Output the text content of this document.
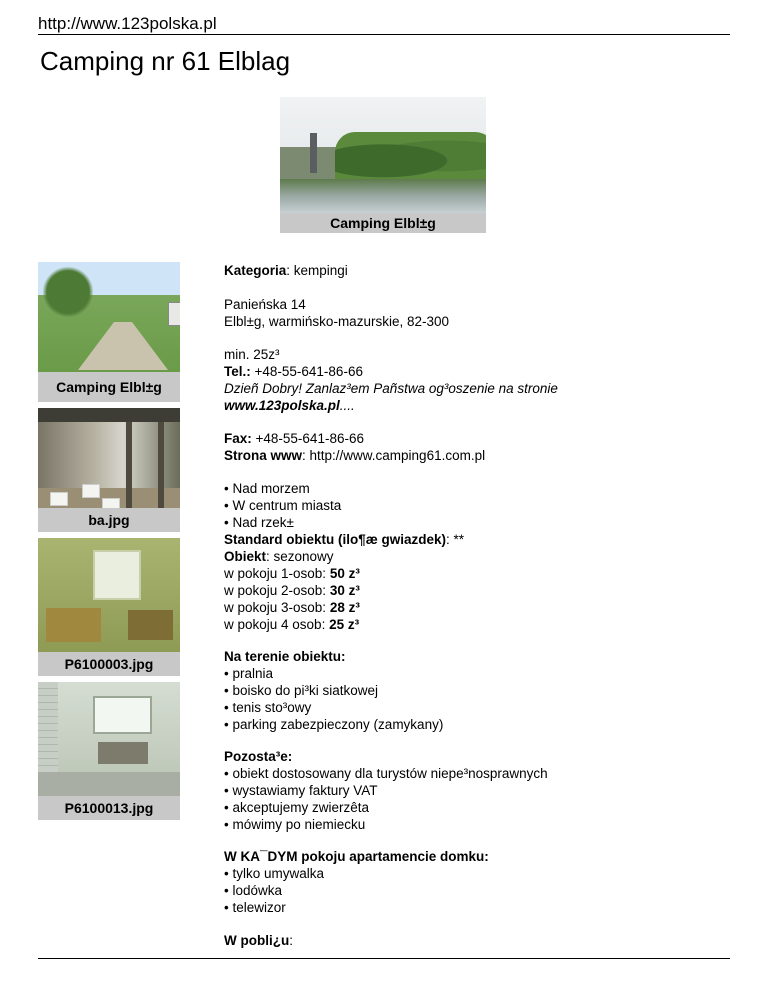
http://www.123polska.pl
Camping nr 61 Elblag
Camping Elbl±g
Camping Elbl±g
ba.jpg
P6100003.jpg
P6100013.jpg
Kategoria: kempingi
Panieńska 14
Elbl±g, warmińsko-mazurskie, 82-300
min. 25z³
Tel.: +48-55-641-86-66
Dzieñ Dobry! Zanlaz³em Pañstwa og³oszenie na stronie
www.123polska.pl....
Fax: +48-55-641-86-66
Strona www: http://www.camping61.com.pl
• Nad morzem
• W centrum miasta
• Nad rzek±
Standard obiektu (ilo¶æ gwiazdek): **
Obiekt: sezonowy
w pokoju 1-osob: 50 z³
w pokoju 2-osob: 30 z³
w pokoju 3-osob: 28 z³
w pokoju 4 osob: 25 z³
Na terenie obiektu:
• pralnia
• boisko do pi³ki siatkowej
• tenis sto³owy
• parking zabezpieczony (zamykany)
Pozosta³e:
• obiekt dostosowany dla turystów niepe³nosprawnych
• wystawiamy faktury VAT
• akceptujemy zwierzêta
• mówimy po niemiecku
W KA¯DYM pokoju apartamencie domku:
• tylko umywalka
• lodówka
• telewizor
W pobli¿u:
